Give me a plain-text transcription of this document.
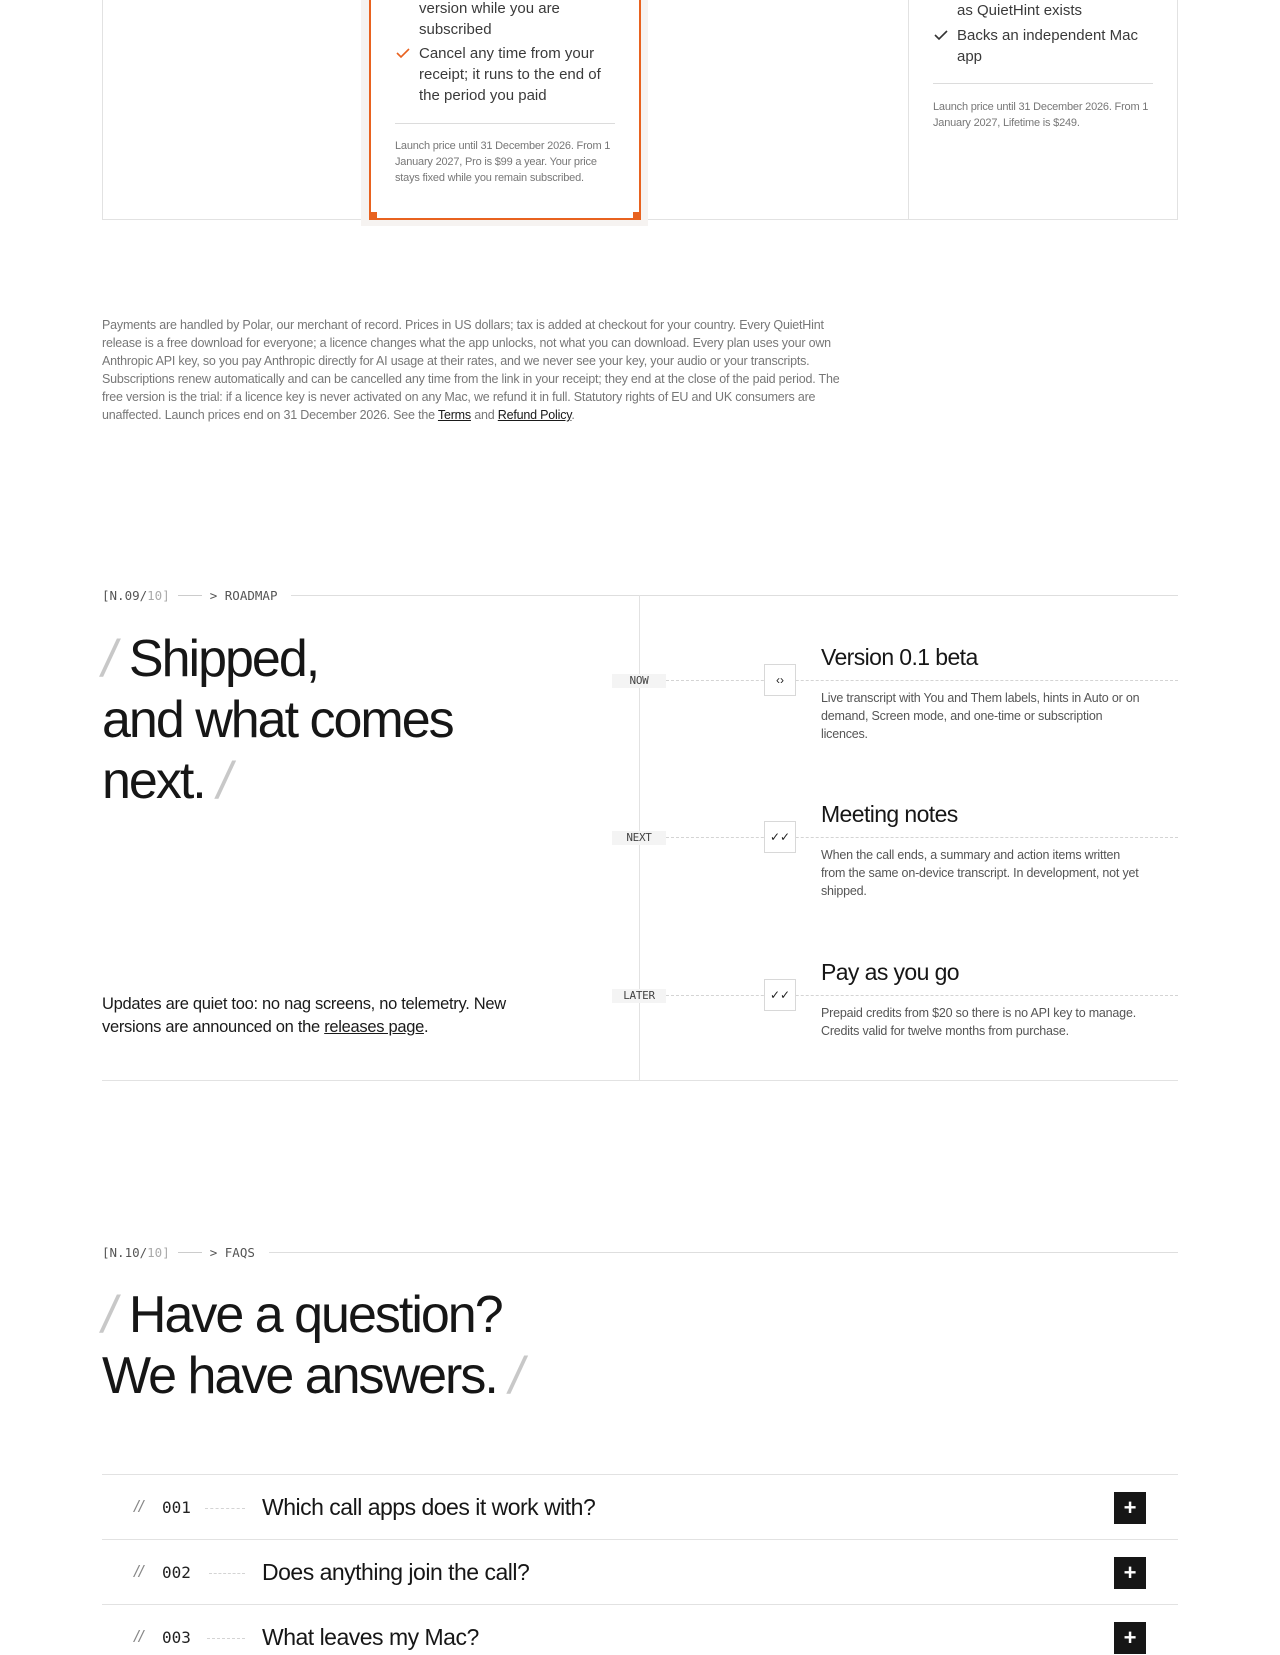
version while you are subscribed
Cancel any time from your receipt; it runs to the end of the period you paid
Launch price until 31 December 2026. From 1 January 2027, Pro is $99 a year. Your price stays fixed while you remain subscribed.
as QuietHint exists
Backs an independent Mac app
Launch price until 31 December 2026. From 1 January 2027, Lifetime is $249.

Payments are handled by Polar, our merchant of record. Prices in US dollars; tax is added at checkout for your country. Every QuietHint release is a free download for everyone; a licence changes what the app unlocks, not what you can download. Every plan uses your own Anthropic API key, so you pay Anthropic directly for AI usage at their rates, and we never see your key, your audio or your transcripts. Subscriptions renew automatically and can be cancelled any time from the link in your receipt; they end at the close of the paid period. The free version is the trial: if a licence key is never activated on any Mac, we refund it in full. Statutory rights of EU and UK consumers are unaffected. Launch prices end on 31 December 2026. See the Terms and Refund Policy.

[N.09/10]	> ROADMAP
/ Shipped,
and what comes
next. /
NOW	‹›
Version 0.1 beta
Live transcript with You and Them labels, hints in Auto or on demand, Screen mode, and one-time or subscription licences.
NEXT	✓✓
Meeting notes
When the call ends, a summary and action items written from the same on-device transcript. In development, not yet shipped.
LATER	✓✓
Pay as you go
Prepaid credits from $20 so there is no API key to manage. Credits valid for twelve months from purchase.

Updates are quiet too: no nag screens, no telemetry. New versions are announced on the releases page.

[N.10/10]	> FAQS
/ Have a question?
We have answers. /
// 001	Which call apps does it work with?	+
// 002	Does anything join the call?	+
// 003	What leaves my Mac?	+
